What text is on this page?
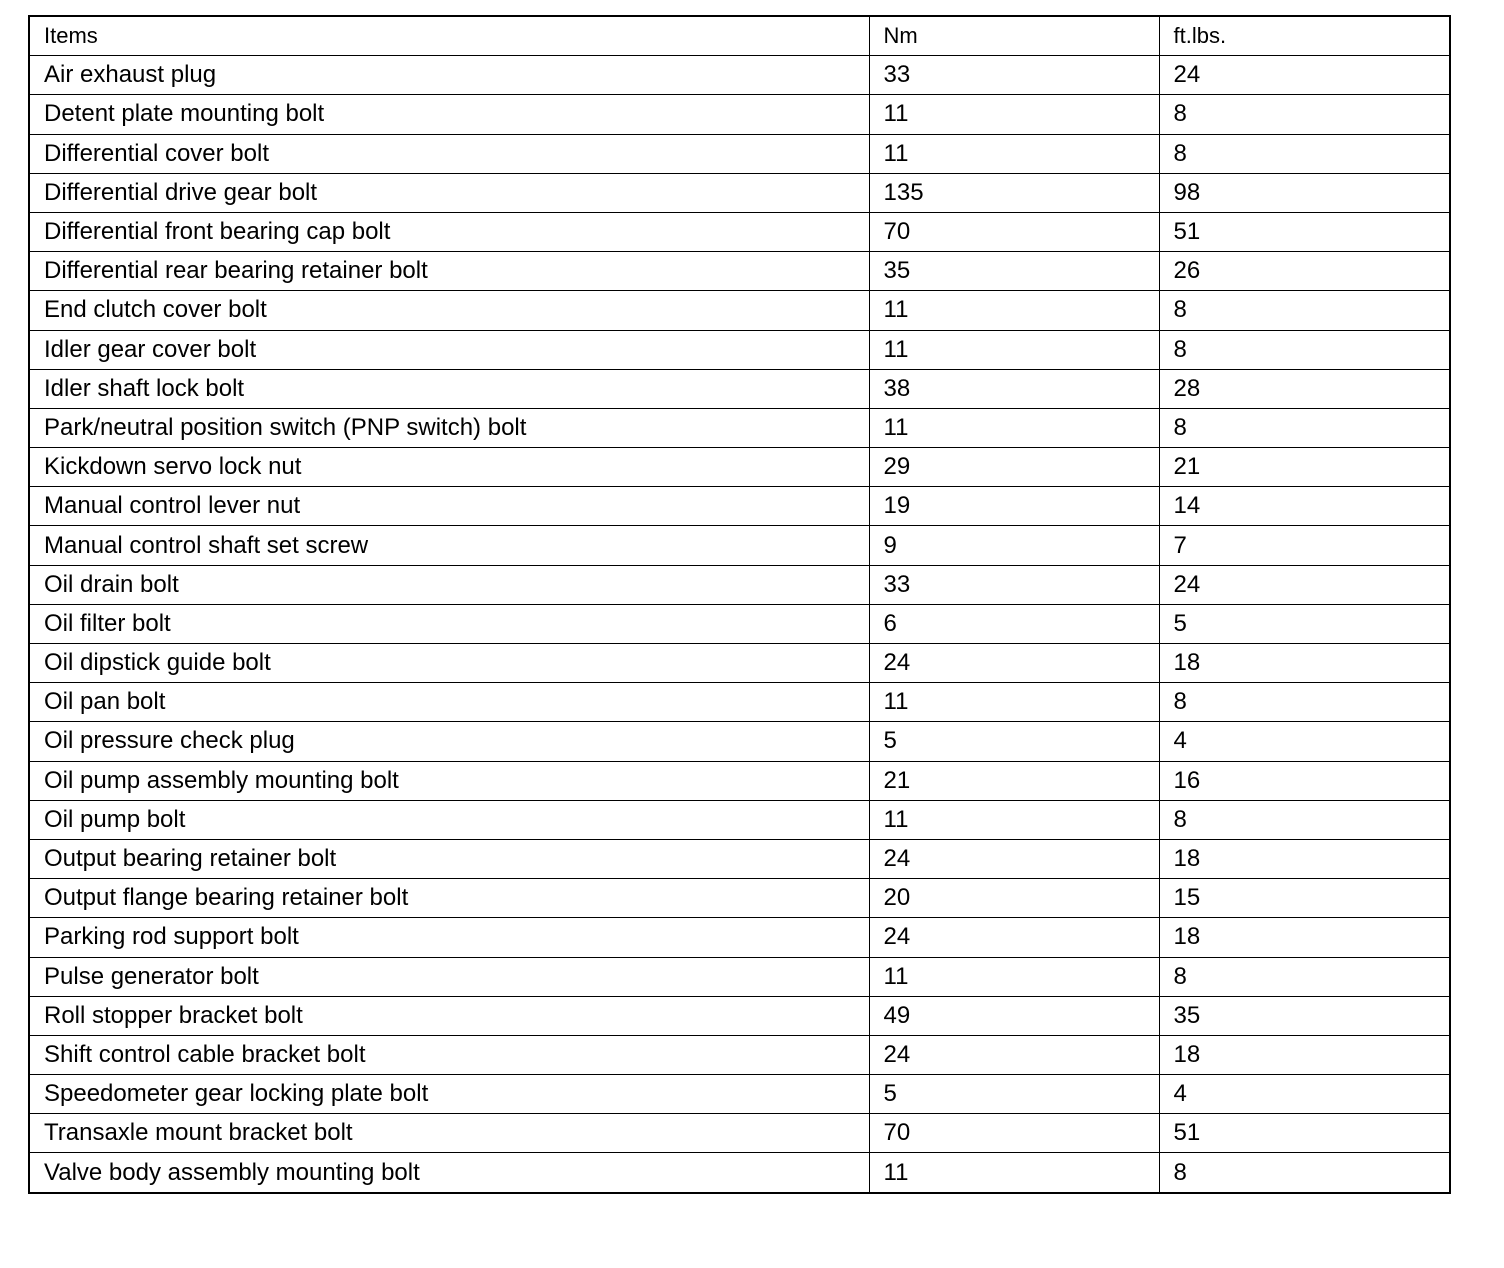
Items	Nm	ft.lbs.
Air exhaust plug	33	24
Detent plate mounting bolt	11	8
Differential cover bolt	11	8
Differential drive gear bolt	135	98
Differential front bearing cap bolt	70	51
Differential rear bearing retainer bolt	35	26
End clutch cover bolt	11	8
Idler gear cover bolt	11	8
Idler shaft lock bolt	38	28
Park/neutral position switch (PNP switch) bolt	11	8
Kickdown servo lock nut	29	21
Manual control lever nut	19	14
Manual control shaft set screw	9	7
Oil drain bolt	33	24
Oil filter bolt	6	5
Oil dipstick guide bolt	24	18
Oil pan bolt	11	8
Oil pressure check plug	5	4
Oil pump assembly mounting bolt	21	16
Oil pump bolt	11	8
Output bearing retainer bolt	24	18
Output flange bearing retainer bolt	20	15
Parking rod support bolt	24	18
Pulse generator bolt	11	8
Roll stopper bracket bolt	49	35
Shift control cable bracket bolt	24	18
Speedometer gear locking plate bolt	5	4
Transaxle mount bracket bolt	70	51
Valve body assembly mounting bolt	11	8
